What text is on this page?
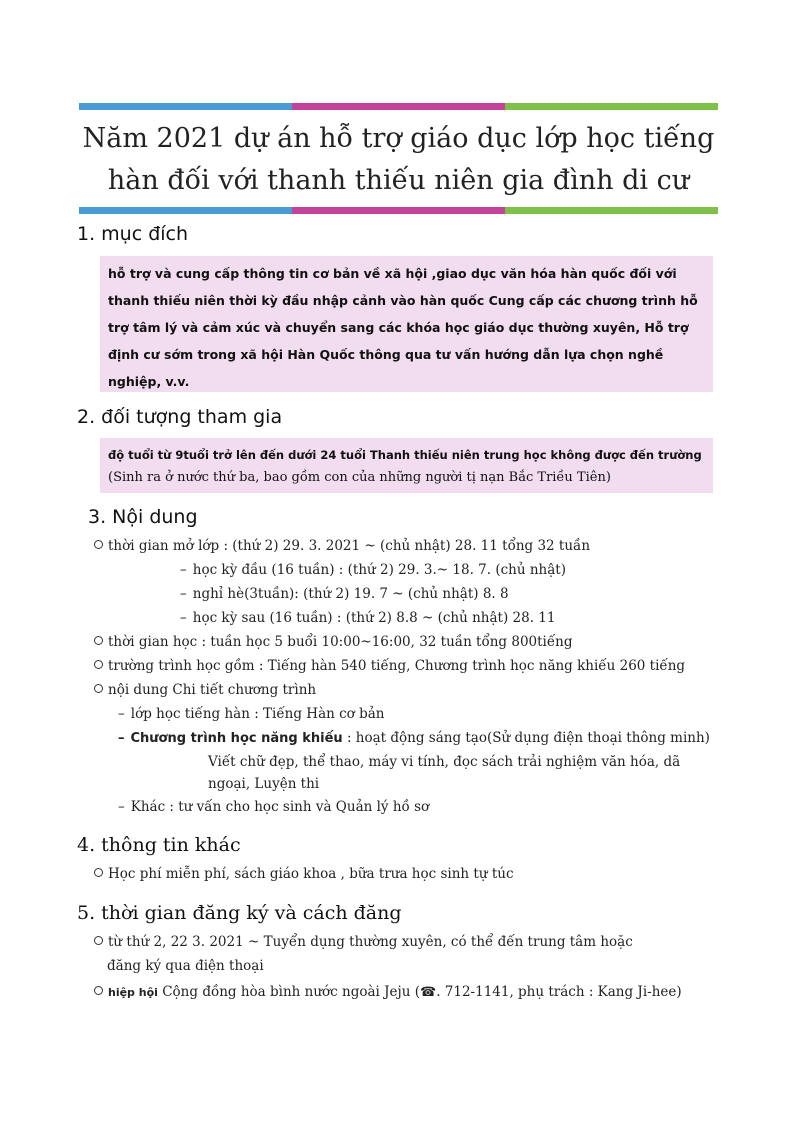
Năm 2021 dự án hỗ trợ giáo dục lớp học tiếng
hàn đối với thanh thiếu niên gia đình di cư
1. mục đích

hỗ trợ và cung cấp thông tin cơ bản về xã hội ,giao dục văn hóa hàn quốc đối với

thanh thiếu niên thời kỳ đầu nhập cảnh vào hàn quốc Cung cấp các chương trình hỗ

trợ tâm lý và cảm xúc và chuyển sang các khóa học giáo dục thường xuyên, Hỗ trợ

định cư sớm trong xã hội Hàn Quốc thông qua tư vấn hướng dẫn lựa chọn nghề

nghiệp, v.v.

2. đối tượng tham gia
độ tuổi từ 9tuổi trở lên đến dưới 24 tuổi Thanh thiếu niên trung học không được đến trường
(Sinh ra ở nước thứ ba, bao gồm con của những người tị nạn Bắc Triều Tiên)
3. Nội dung
thời gian mở lớp : (thứ 2) 29. 3. 2021 ~ (chủ nhật) 28. 11 tổng 32 tuần
– học kỳ đầu (16 tuần) : (thứ 2) 29. 3.~ 18. 7. (chủ nhật)
– nghỉ hè(3tuần): (thứ 2) 19. 7 ~ (chủ nhật) 8. 8
– học kỳ sau (16 tuần) : (thứ 2) 8.8 ~ (chủ nhật) 28. 11
thời gian học : tuần học 5 buổi 10:00~16:00, 32 tuần tổng 800tiếng
trường trình học gồm : Tiếng hàn 540 tiếng, Chương trình học năng khiếu 260 tiếng
nội dung Chi tiết chương trình
– lớp học tiếng hàn : Tiếng Hàn cơ bản
– Chương trình học năng khiếu : hoạt động sáng tạo(Sử dụng điện thoại thông minh)
Viết chữ đẹp, thể thao, máy vi tính, đọc sách trải nghiệm văn hóa, dã
ngoại, Luyện thi
– Khác : tư vấn cho học sinh và Quản lý hồ sơ
4. thông tin khác
Học phí miễn phí, sách giáo khoa , bữa trưa học sinh tự túc
5. thời gian đăng ký và cách đăng
từ thứ 2, 22 3. 2021 ~ Tuyển dụng thường xuyên, có thể đến trung tâm hoặc
đăng ký qua điện thoại
hiệp hội Cộng đồng hòa bình nước ngoài Jeju (☎. 712-1141, phụ trách : Kang Ji-hee)
